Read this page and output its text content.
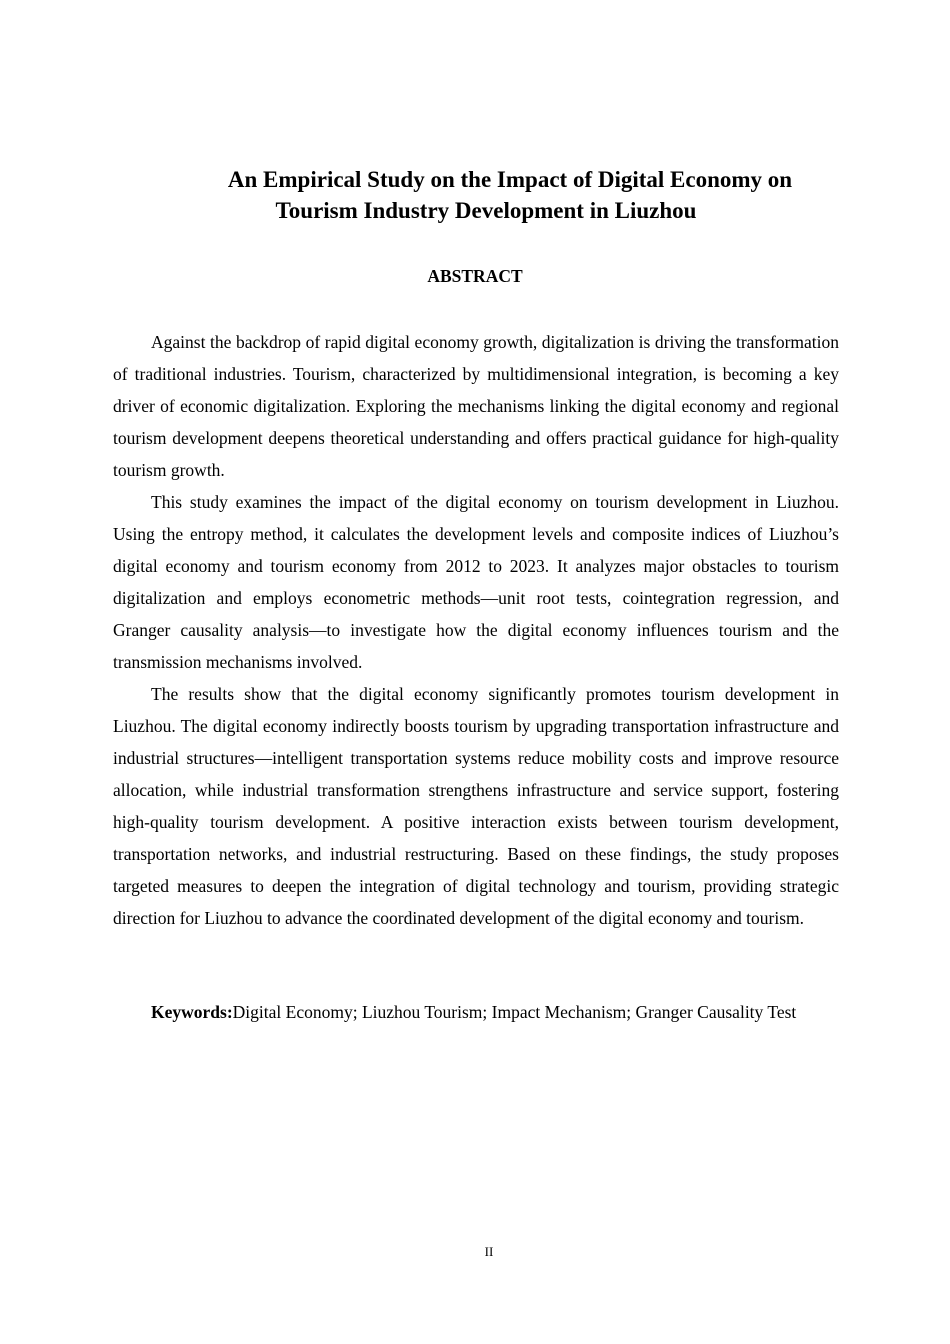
An Empirical Study on the Impact of Digital Economy on
Tourism Industry Development in Liuzhou
ABSTRACT

Against the backdrop of rapid digital economy growth, digitalization is driving the transformation of traditional industries. Tourism, characterized by multidimensional integration, is becoming a key driver of economic digitalization. Exploring the mechanisms linking the digital economy and regional tourism development deepens theoretical understanding and offers practical guidance for high-quality tourism growth.

This study examines the impact of the digital economy on tourism development in Liuzhou. Using the entropy method, it calculates the development levels and composite indices of Liuzhou’s digital economy and tourism economy from 2012 to 2023. It analyzes major obstacles to tourism digitalization and employs econometric methods—unit root tests, cointegration regression, and Granger causality analysis—to investigate how the digital economy influences tourism and the transmission mechanisms involved.

The results show that the digital economy significantly promotes tourism development in Liuzhou. The digital economy indirectly boosts tourism by upgrading transportation infrastructure and industrial structures—intelligent transportation systems reduce mobility costs and improve resource allocation, while industrial transformation strengthens infrastructure and service support, fostering high-quality tourism development. A positive interaction exists between tourism development, transportation networks, and industrial restructuring. Based on these findings, the study proposes targeted measures to deepen the integration of digital technology and tourism, providing strategic direction for Liuzhou to advance the coordinated development of the digital economy and tourism.

Keywords:Digital Economy; Liuzhou Tourism; Impact Mechanism; Granger Causality Test

II
